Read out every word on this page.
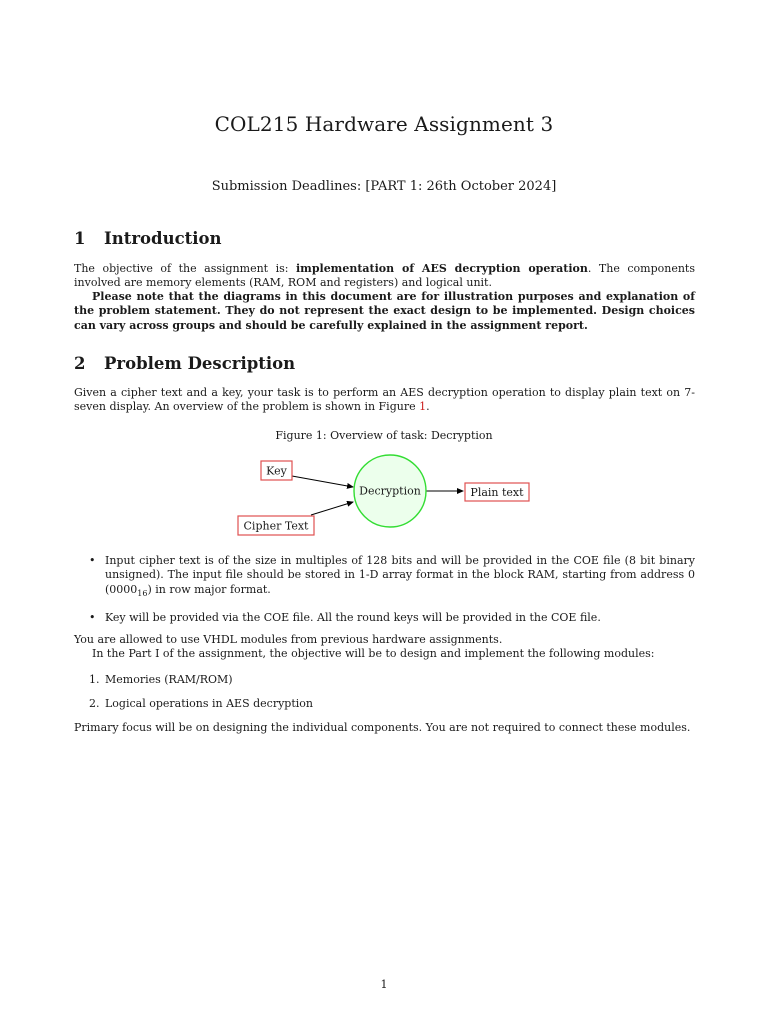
COL215 Hardware Assignment 3
Submission Deadlines: [PART 1: 26th October 2024]
1 Introduction
The objective of the assignment is: implementation of AES decryption operation. The components involved are memory elements (RAM, ROM and registers) and logical unit.
Please note that the diagrams in this document are for illustration purposes and explanation of the problem statement. They do not represent the exact design to be implemented. Design choices can vary across groups and should be carefully explained in the assignment report.
2 Problem Description
Given a cipher text and a key, your task is to perform an AES decryption operation to display plain text on 7-seven display. An overview of the problem is shown in Figure 1.
Figure 1: Overview of task: Decryption
Key
Cipher Text
Decryption	Plain text
• Input cipher text is of the size in multiples of 128 bits and will be provided in the COE file (8 bit binary unsigned). The input file should be stored in 1-D array format in the block RAM, starting from address 0 $(0000_{16})$ in row major format.
• Key will be provided via the COE file. All the round keys will be provided in the COE file.
You are allowed to use VHDL modules from previous hardware assignments.
In the Part I of the assignment, the objective will be to design and implement the following modules:
1. Memories (RAM/ROM)
2. Logical operations in AES decryption
Primary focus will be on designing the individual components. You are not required to connect these modules.
1
